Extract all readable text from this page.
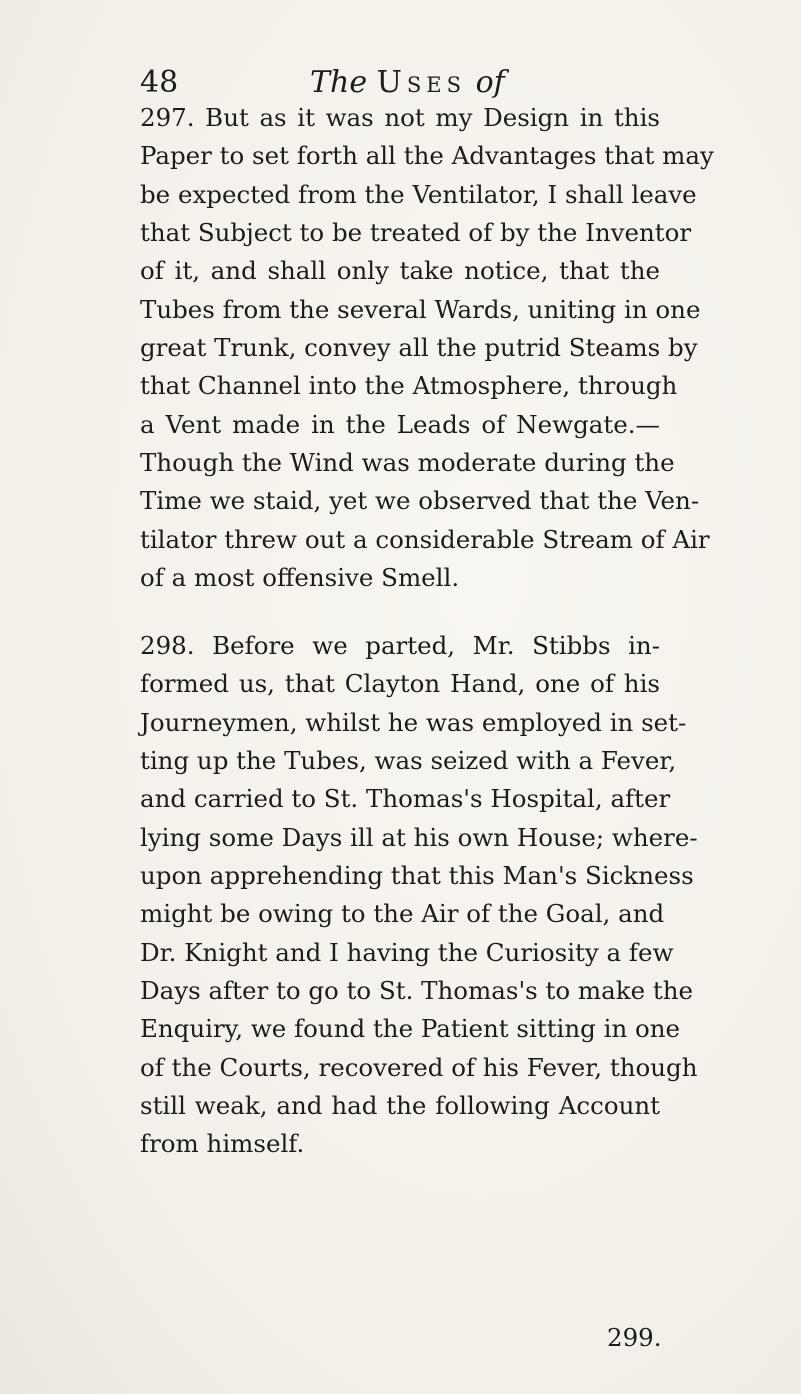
48	The Uses of
297. But as it was not my Design in this
Paper to set forth all the Advantages that may
be expected from the Ventilator, I shall leave
that Subject to be treated of by the Inventor
of it, and shall only take notice, that the
Tubes from the several Wards, uniting in one
great Trunk, convey all the putrid Steams by
that Channel into the Atmosphere, through
a Vent made in the Leads of Newgate.—
Though the Wind was moderate during the
Time we staid, yet we observed that the Ven-
tilator threw out a considerable Stream of Air
of a most offensive Smell.
298. Before we parted, Mr. Stibbs in-
formed us, that Clayton Hand, one of his
Journeymen, whilst he was employed in set-
ting up the Tubes, was seized with a Fever,
and carried to St. Thomas's Hospital, after
lying some Days ill at his own House; where-
upon apprehending that this Man's Sickness
might be owing to the Air of the Goal, and
Dr. Knight and I having the Curiosity a few
Days after to go to St. Thomas's to make the
Enquiry, we found the Patient sitting in one
of the Courts, recovered of his Fever, though
still weak, and had the following Account
from himself.
299.
